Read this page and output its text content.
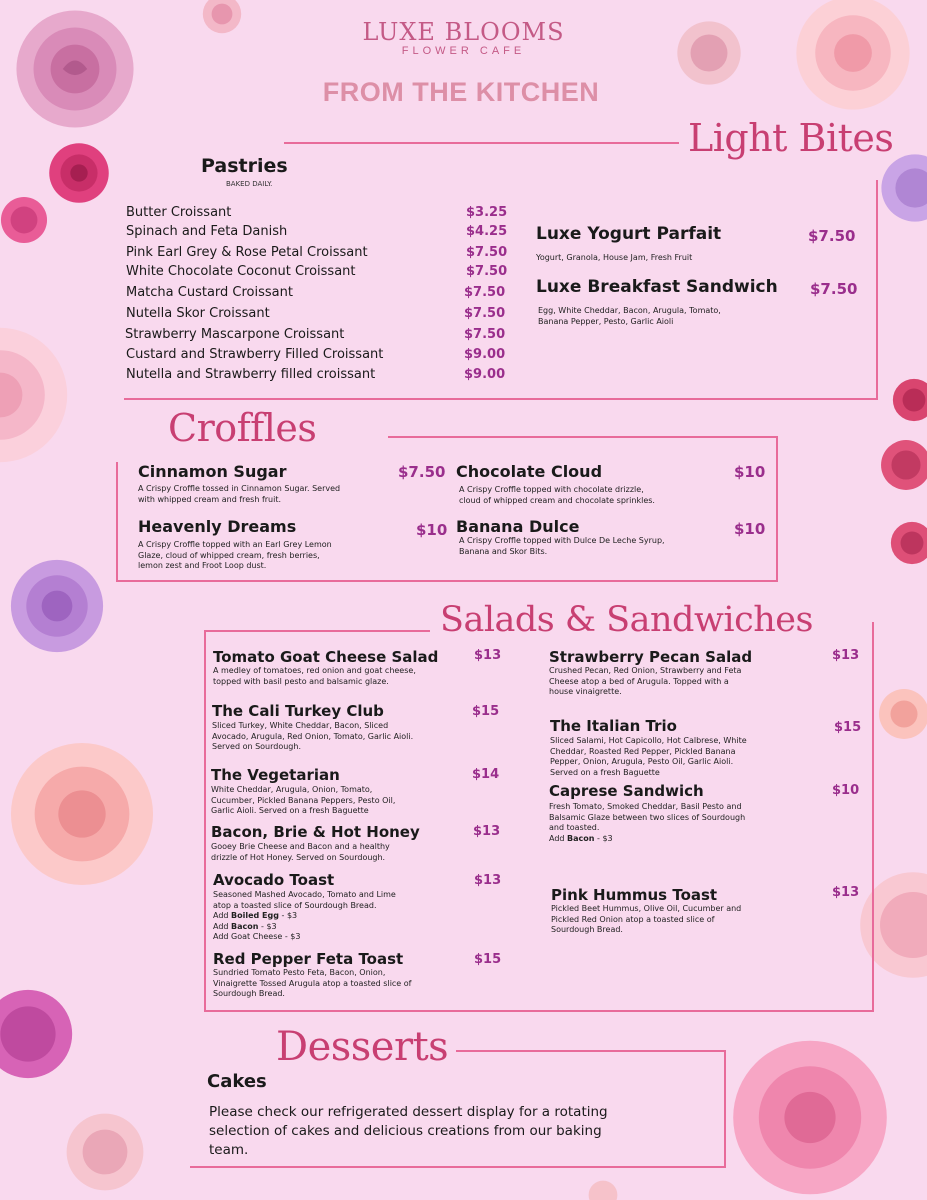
LUXE BLOOMS
FLOWER CAFE
FROM THE KITCHEN
Light Bites
Pastries
BAKED DAILY.
Butter Croissant	$3.25
Spinach and Feta Danish	$4.25
Pink Earl Grey & Rose Petal Croissant	$7.50
White Chocolate Coconut Croissant	$7.50
Matcha Custard Croissant	$7.50
Nutella Skor Croissant	$7.50
Strawberry Mascarpone Croissant	$7.50
Custard and Strawberry Filled Croissant	$9.00
Nutella and Strawberry filled croissant	$9.00
Luxe Yogurt Parfait	$7.50
Yogurt, Granola, House Jam, Fresh Fruit
Luxe Breakfast Sandwich $7.50
Egg, White Cheddar, Bacon, Arugula, Tomato,
Banana Pepper, Pesto, Garlic Aioli
Croffles
Cinnamon Sugar	$7.50
A Crispy Croffle tossed in Cinnamon Sugar. Served
with whipped cream and fresh fruit.
Chocolate Cloud	$10
A Crispy Croffle topped with chocolate drizzle,
cloud of whipped cream and chocolate sprinkles.
Heavenly Dreams	$10
A Crispy Croffle topped with an Earl Grey Lemon
Glaze, cloud of whipped cream, fresh berries,
lemon zest and Froot Loop dust.
Banana Dulce	$10
A Crispy Croffle topped with Dulce De Leche Syrup,
Banana and Skor Bits.
Salads & Sandwiches
Tomato Goat Cheese Salad	$13
A medley of tomatoes, red onion and goat cheese,
topped with basil pesto and balsamic glaze.
The Cali Turkey Club	$15
Sliced Turkey, White Cheddar, Bacon, Sliced
Avocado, Arugula, Red Onion, Tomato, Garlic Aioli.
Served on Sourdough.
The Vegetarian	$14
White Cheddar, Arugula, Onion, Tomato,
Cucumber, Pickled Banana Peppers, Pesto Oil,
Garlic Aioli. Served on a fresh Baguette
Bacon, Brie & Hot Honey	$13
Gooey Brie Cheese and Bacon and a healthy
drizzle of Hot Honey. Served on Sourdough.
Avocado Toast	$13
Seasoned Mashed Avocado, Tomato and Lime
atop a toasted slice of Sourdough Bread.
Add Boiled Egg - $3
Add Bacon - $3
Add Goat Cheese - $3
Red Pepper Feta Toast	$15
Sundried Tomato Pesto Feta, Bacon, Onion,
Vinaigrette Tossed Arugula atop a toasted slice of
Sourdough Bread.
Strawberry Pecan Salad	$13
Crushed Pecan, Red Onion, Strawberry and Feta
Cheese atop a bed of Arugula. Topped with a
house vinaigrette.
The Italian Trio	$15
Sliced Salami, Hot Capicollo, Hot Calbrese, White
Cheddar, Roasted Red Pepper, Pickled Banana
Pepper, Onion, Arugula, Pesto Oil, Garlic Aioli.
Served on a fresh Baguette
Caprese Sandwich	$10
Fresh Tomato, Smoked Cheddar, Basil Pesto and
Balsamic Glaze between two slices of Sourdough
and toasted.
Add Bacon - $3
Pink Hummus Toast	$13
Pickled Beet Hummus, Olive Oil, Cucumber and
Pickled Red Onion atop a toasted slice of
Sourdough Bread.
Desserts
Cakes
Please check our refrigerated dessert display for a rotating
selection of cakes and delicious creations from our baking
team.
